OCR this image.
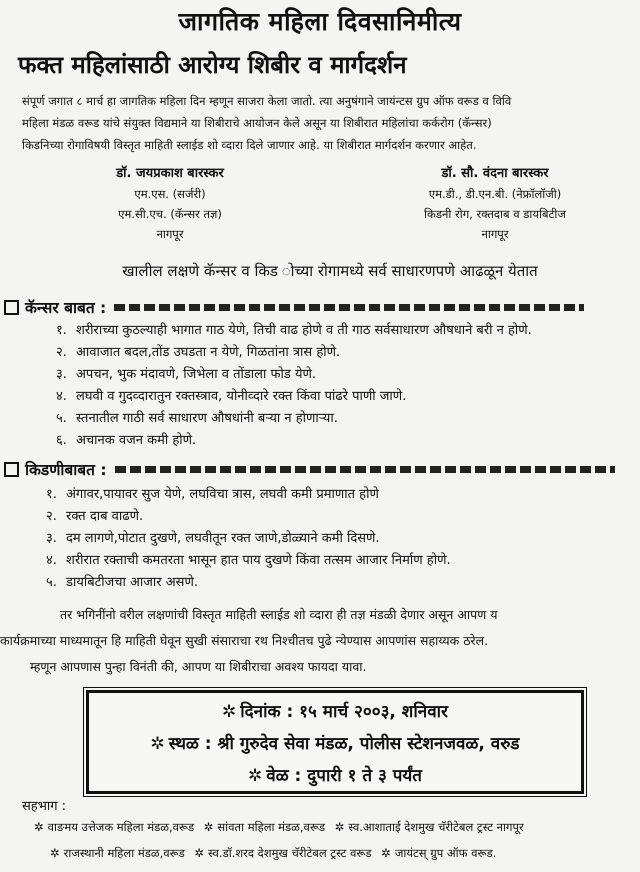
जागतिक महिला दिवसानिमीत्य
फक्त महिलांसाठी आरोग्य शिबीर व मार्गदर्शन
संपूर्ण जगात ८ मार्च हा जागतिक महिला दिन म्हणून साजरा केला जातो. त्या अनुषंगाने जायंन्टस ग्रुप ऑफ वरूड व विवि
महिला मंडळ वरूड यांचे संयुक्त विद्यमाने या शिबीराचे आयोजन केले असून या शिबीरात महिलांचा कर्करोग (कॅन्सर)
किडनिच्या रोगाविषयी विस्तृत माहिती स्लाईड शो व्दारा दिले जाणार आहे. या शिबीरात मार्गदर्शन करणार आहेत.
डॉ. जयप्रकाश बारस्कर
एम.एस. (सर्जरी)
एम.सी.एच. (कॅन्सर तज्ञ)
नागपूर
डॉ. सौ. वंदना बारस्कर
एम.डी., डी.एन.बी. (नेफ्रॉलॉजी)
किडनी रोग, रक्तदाब व डायबिटीज
नागपूर
खालील लक्षणे कॅन्सर व किड ोच्या रोगामध्ये सर्व साधारणपणे आढळून येतात
कॅन्सर बाबत :
१. शरीराच्या कुठल्याही भागात गाठ येणे, तिची वाढ होणे व ती गाठ सर्वसाधारण औषधाने बरी न होणे.
२. आवाजात बदल,तोंड उघडता न येणे, गिळतांना त्रास होणे.
३. अपचन, भुक मंदावणे, जिभेला व तोंडाला फोड येणे.
४. लघवी व गुदव्दारातुन रक्तस्त्राव, योनीव्दारे रक्त किंवा पांढरे पाणी जाणे.
५. स्तनातील गाठी सर्व साधारण औषधांनी बऱ्या न होणाऱ्या.
६. अचानक वजन कमी होणे.
किडणीबाबत :
१. अंगावर,पायावर सुज येणे, लघविचा त्रास, लघवी कमी प्रमाणात होणे
२. रक्त दाब वाढणे.
३. दम लागणे,पोटात दुखणे, लघवीतून रक्त जाणे,डोळ्याने कमी दिसणे.
४. शरीरात रक्ताची कमतरता भासून हात पाय दुखणे किंवा तत्सम आजार निर्माण होणे.
५. डायबिटीजचा आजार असणे.
तर भगिनींनो वरील लक्षणांची विस्तृत माहिती स्लाईड शो व्दारा ही तज्ञ मंडळी देणार असून आपण य
कार्यक्रमाच्या माध्यमातून हि माहिती घेवून सुखी संसाराचा रथ निश्चीतच पुढे न्येण्यास आपणांस सहाय्यक ठरेल.
म्हणून आपणास पुन्हा विनंती की, आपण या शिबीराचा अवश्य फायदा यावा.
✲ दिनांक : १५ मार्च २००३, शनिवार
✲ स्थळ : श्री गुरुदेव सेवा मंडळ, पोलीस स्टेशनजवळ, वरुड
✲ वेळ : दुपारी १ ते ३ पर्यंत
सहभाग :
✲ वाङमय उत्तेजक महिला मंडळ,वरूड ✲ सांवता महिला मंडळ,वरूड ✲ स्व.आशाताई देशमुख चॅरीटेबल ट्रस्ट नागपूर
✲ राजस्थानी महिला मंडळ,वरूड ✲ स्व.डॉ.शरद देशमुख चॅरीटेबल ट्रस्ट वरूड ✲ जायंटस् ग्रुप ऑफ वरूड.
